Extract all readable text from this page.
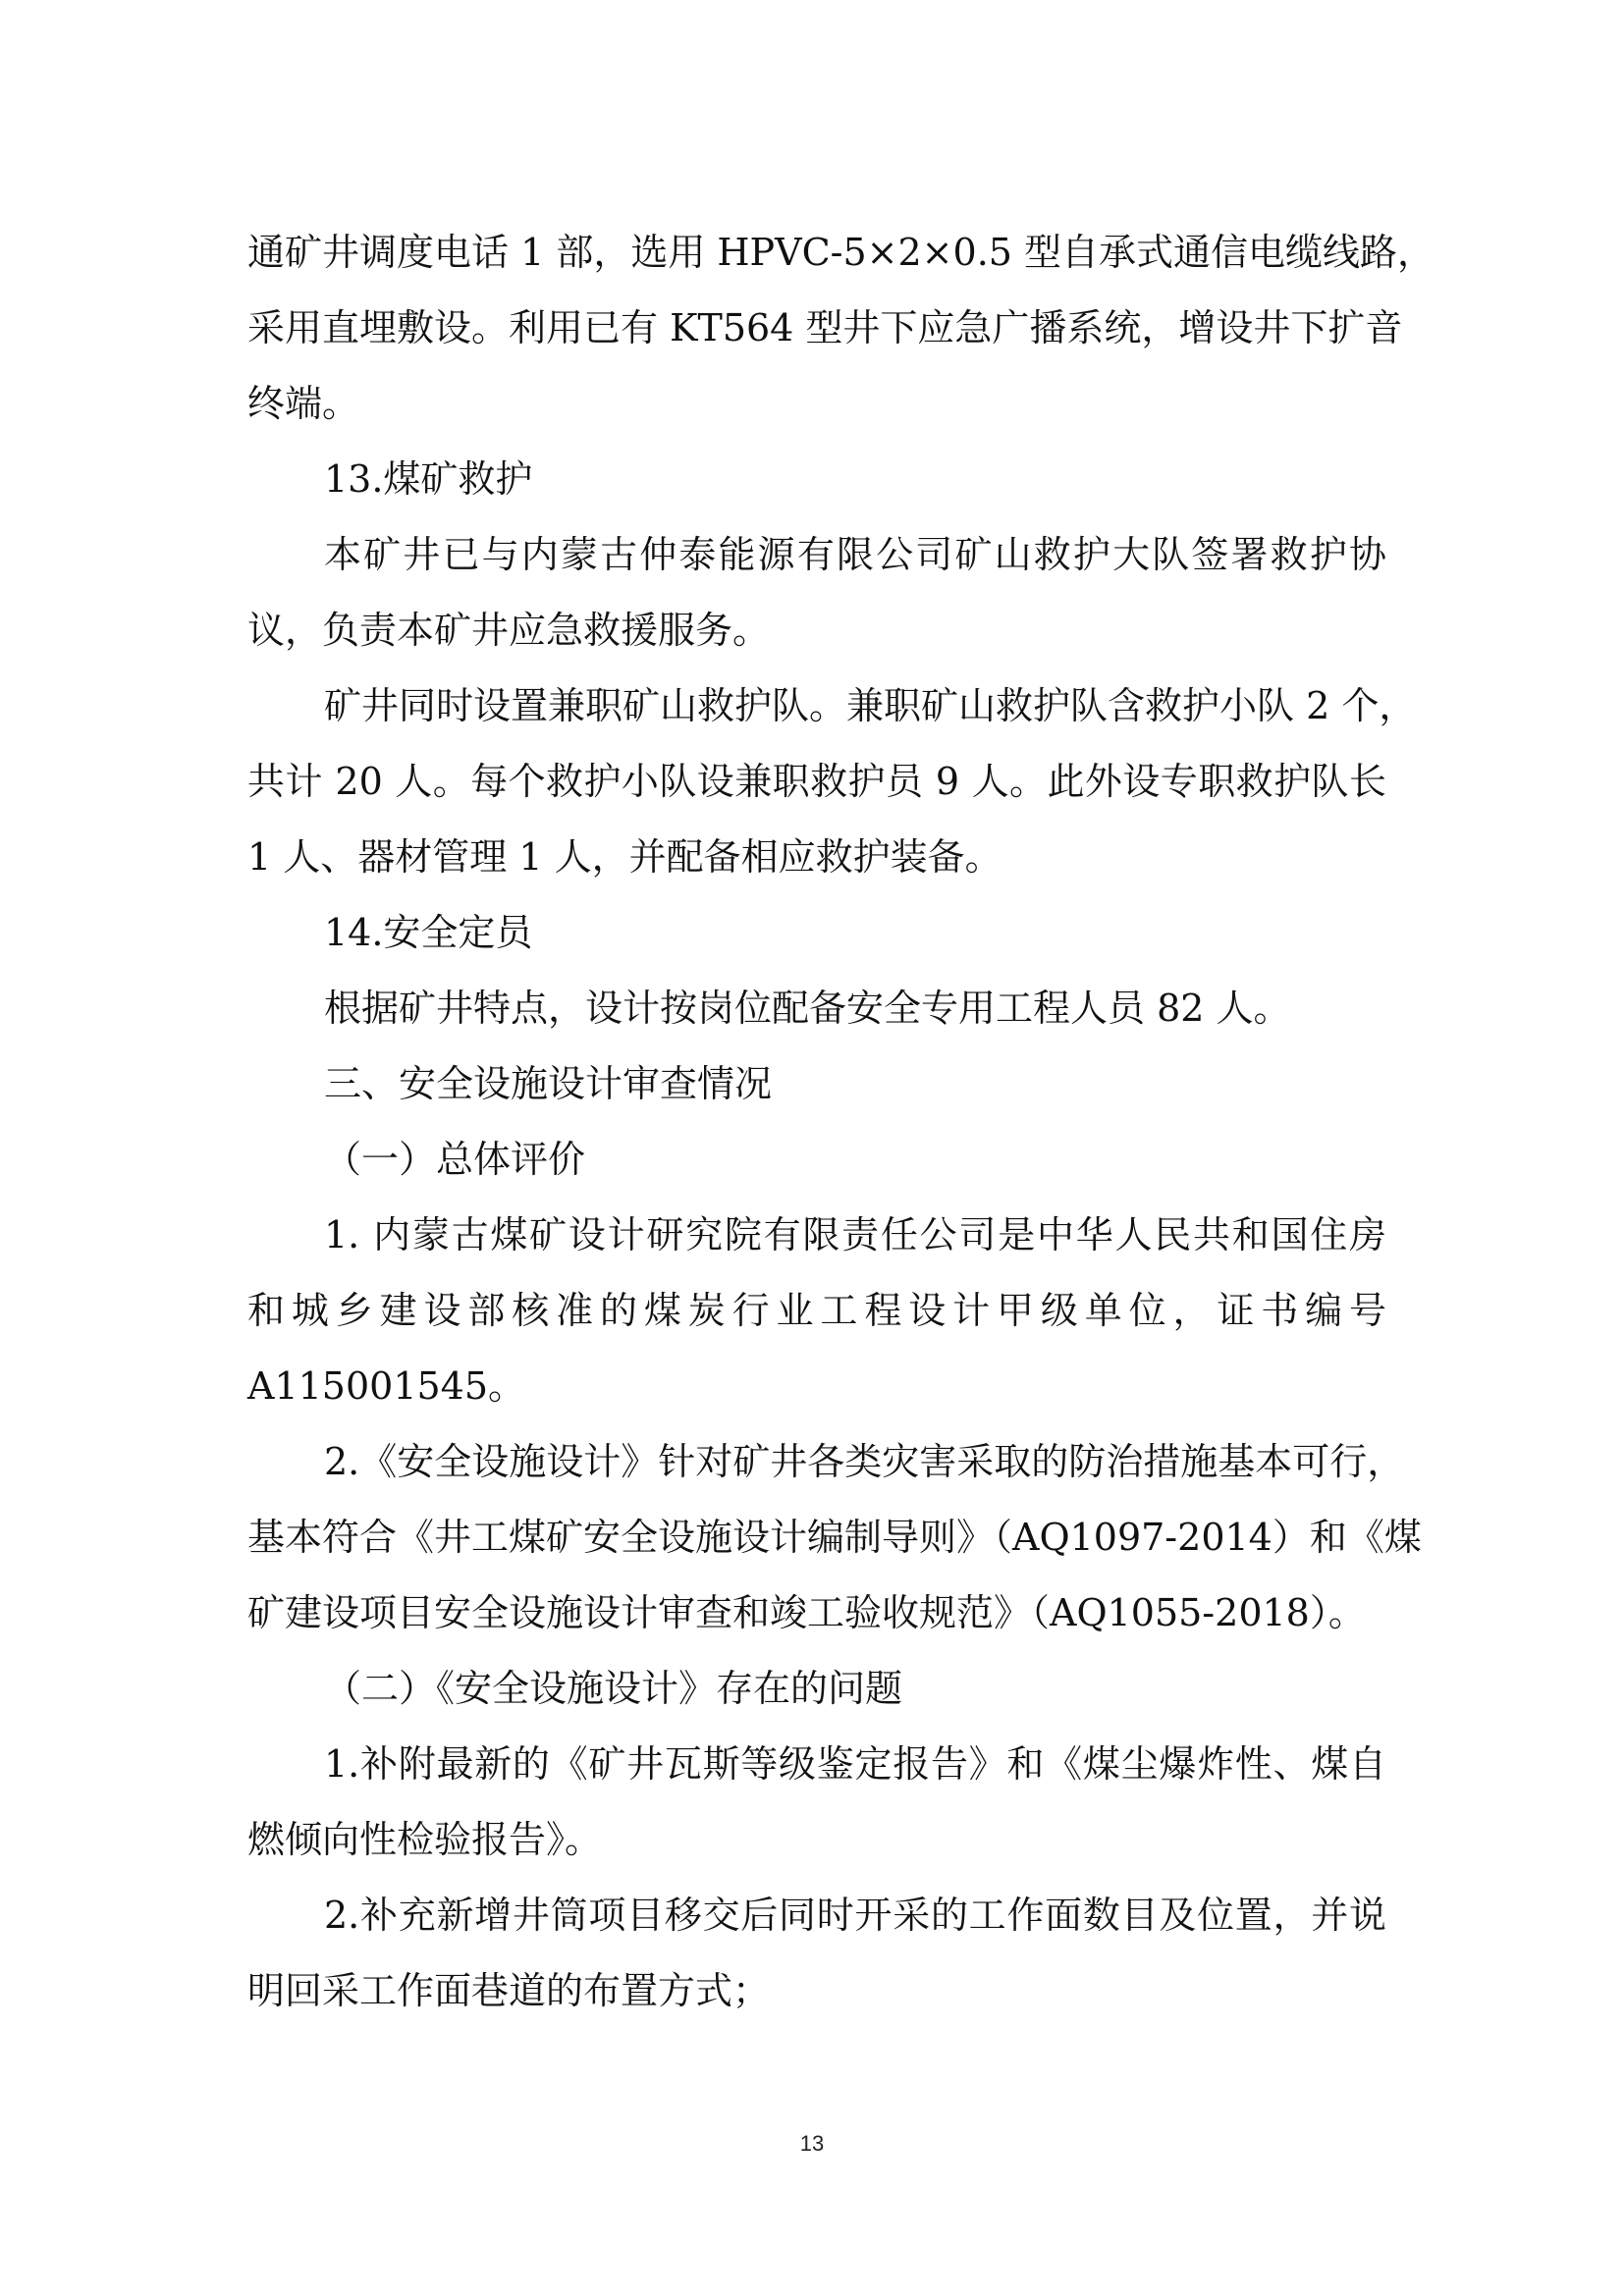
通矿井调度电话 1 部，选用 HPVC-5×2×0.5 型自承式通信电缆线路，
采用直埋敷设。利用已有 KT564 型井下应急广播系统，增设井下扩音
终端。
13.煤矿救护
本矿井已与内蒙古仲泰能源有限公司矿山救护大队签署救护协
议，负责本矿井应急救援服务。
矿井同时设置兼职矿山救护队。兼职矿山救护队含救护小队 2 个，
共计 20 人。每个救护小队设兼职救护员 9 人。此外设专职救护队长
1 人、器材管理 1 人，并配备相应救护装备。
14.安全定员
根据矿井特点，设计按岗位配备安全专用工程人员 82 人。
三、安全设施设计审查情况
（一）总体评价
1. 内蒙古煤矿设计研究院有限责任公司是中华人民共和国住房
和城乡建设部核准的煤炭行业工程设计甲级单位，证书编号
A115001545。
2.《安全设施设计》针对矿井各类灾害采取的防治措施基本可行，
基本符合《井工煤矿安全设施设计编制导则》（AQ1097-2014）和《煤
矿建设项目安全设施设计审查和竣工验收规范》（AQ1055-2018）。
（二）《安全设施设计》存在的问题
1.补附最新的《矿井瓦斯等级鉴定报告》和《煤尘爆炸性、煤自
燃倾向性检验报告》。
2.补充新增井筒项目移交后同时开采的工作面数目及位置，并说
明回采工作面巷道的布置方式；
13
